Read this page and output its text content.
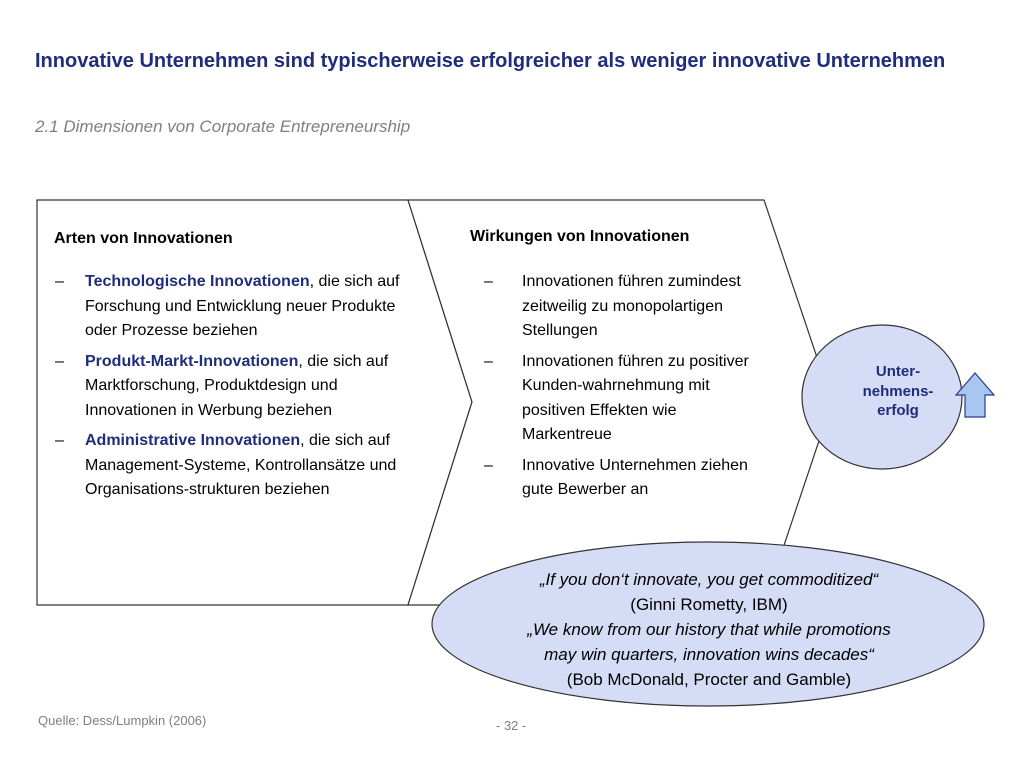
Innovative Unternehmen sind typischerweise erfolgreicher als weniger innovative Unternehmen
2.1 Dimensionen von Corporate Entrepreneurship
Arten von Innovationen
– Technologische Innovationen, die sich auf Forschung und Entwicklung neuer Produkte oder Prozesse beziehen
– Produkt-Markt-Innovationen, die sich auf Marktforschung, Produktdesign und Innovationen in Werbung beziehen
– Administrative Innovationen, die sich auf Management-Systeme, Kontrollansätze und Organisations-strukturen beziehen
Wirkungen von Innovationen
– Innovationen führen zumindest zeitweilig zu monopolartigen Stellungen
– Innovationen führen zu positiver Kunden-wahrnehmung mit positiven Effekten wie Markentreue
– Innovative Unternehmen ziehen gute Bewerber an
Unter-
nehmens-
erfolg
„If you don‘t innovate, you get commoditized“
(Ginni Rometty, IBM)
„We know from our history that while promotions
may win quarters, innovation wins decades“
(Bob McDonald, Procter and Gamble)
Quelle: Dess/Lumpkin (2006)	- 32 -
